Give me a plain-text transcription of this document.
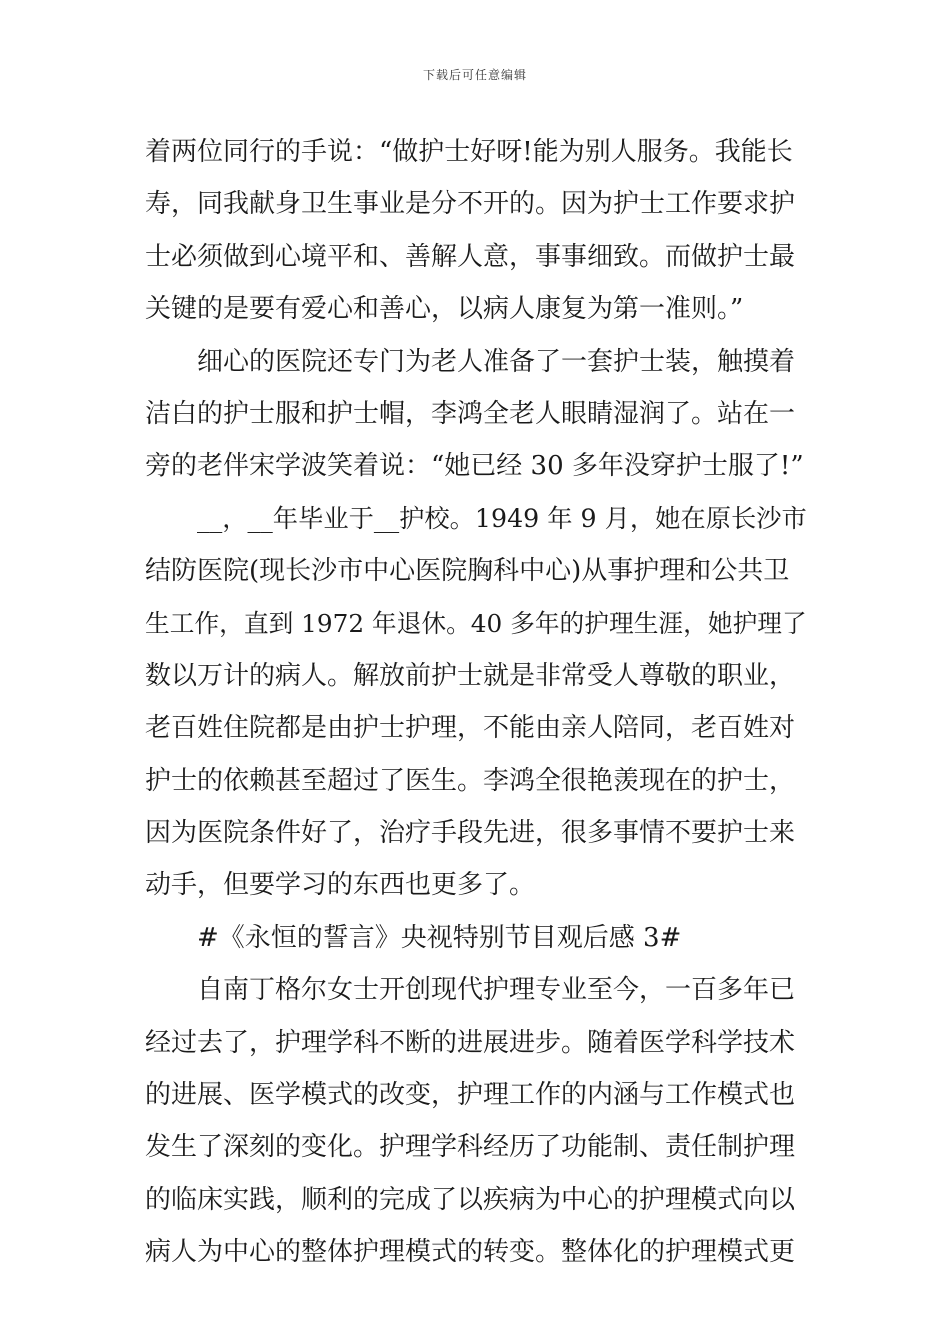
下载后可任意编辑
着两位同行的手说：“做护士好呀!能为别人服务。我能长
寿，同我献身卫生事业是分不开的。因为护士工作要求护
士必须做到心境平和、善解人意，事事细致。而做护士最
关键的是要有爱心和善心，以病人康复为第一准则。”
细心的医院还专门为老人准备了一套护士装，触摸着
洁白的护士服和护士帽，李鸿全老人眼睛湿润了。站在一
旁的老伴宋学波笑着说：“她已经 30 多年没穿护士服了!”
__，__年毕业于__护校。1949 年 9 月，她在原长沙市
结防医院(现长沙市中心医院胸科中心)从事护理和公共卫
生工作，直到 1972 年退休。40 多年的护理生涯，她护理了
数以万计的病人。解放前护士就是非常受人尊敬的职业，
老百姓住院都是由护士护理，不能由亲人陪同，老百姓对
护士的依赖甚至超过了医生。李鸿全很艳羡现在的护士，
因为医院条件好了，治疗手段先进，很多事情不要护士来
动手，但要学习的东西也更多了。
#《永恒的誓言》央视特别节目观后感 3#
自南丁格尔女士开创现代护理专业至今，一百多年已
经过去了，护理学科不断的进展进步。随着医学科学技术
的进展、医学模式的改变，护理工作的内涵与工作模式也
发生了深刻的变化。护理学科经历了功能制、责任制护理
的临床实践，顺利的完成了以疾病为中心的护理模式向以
病人为中心的整体护理模式的转变。整体化的护理模式更
